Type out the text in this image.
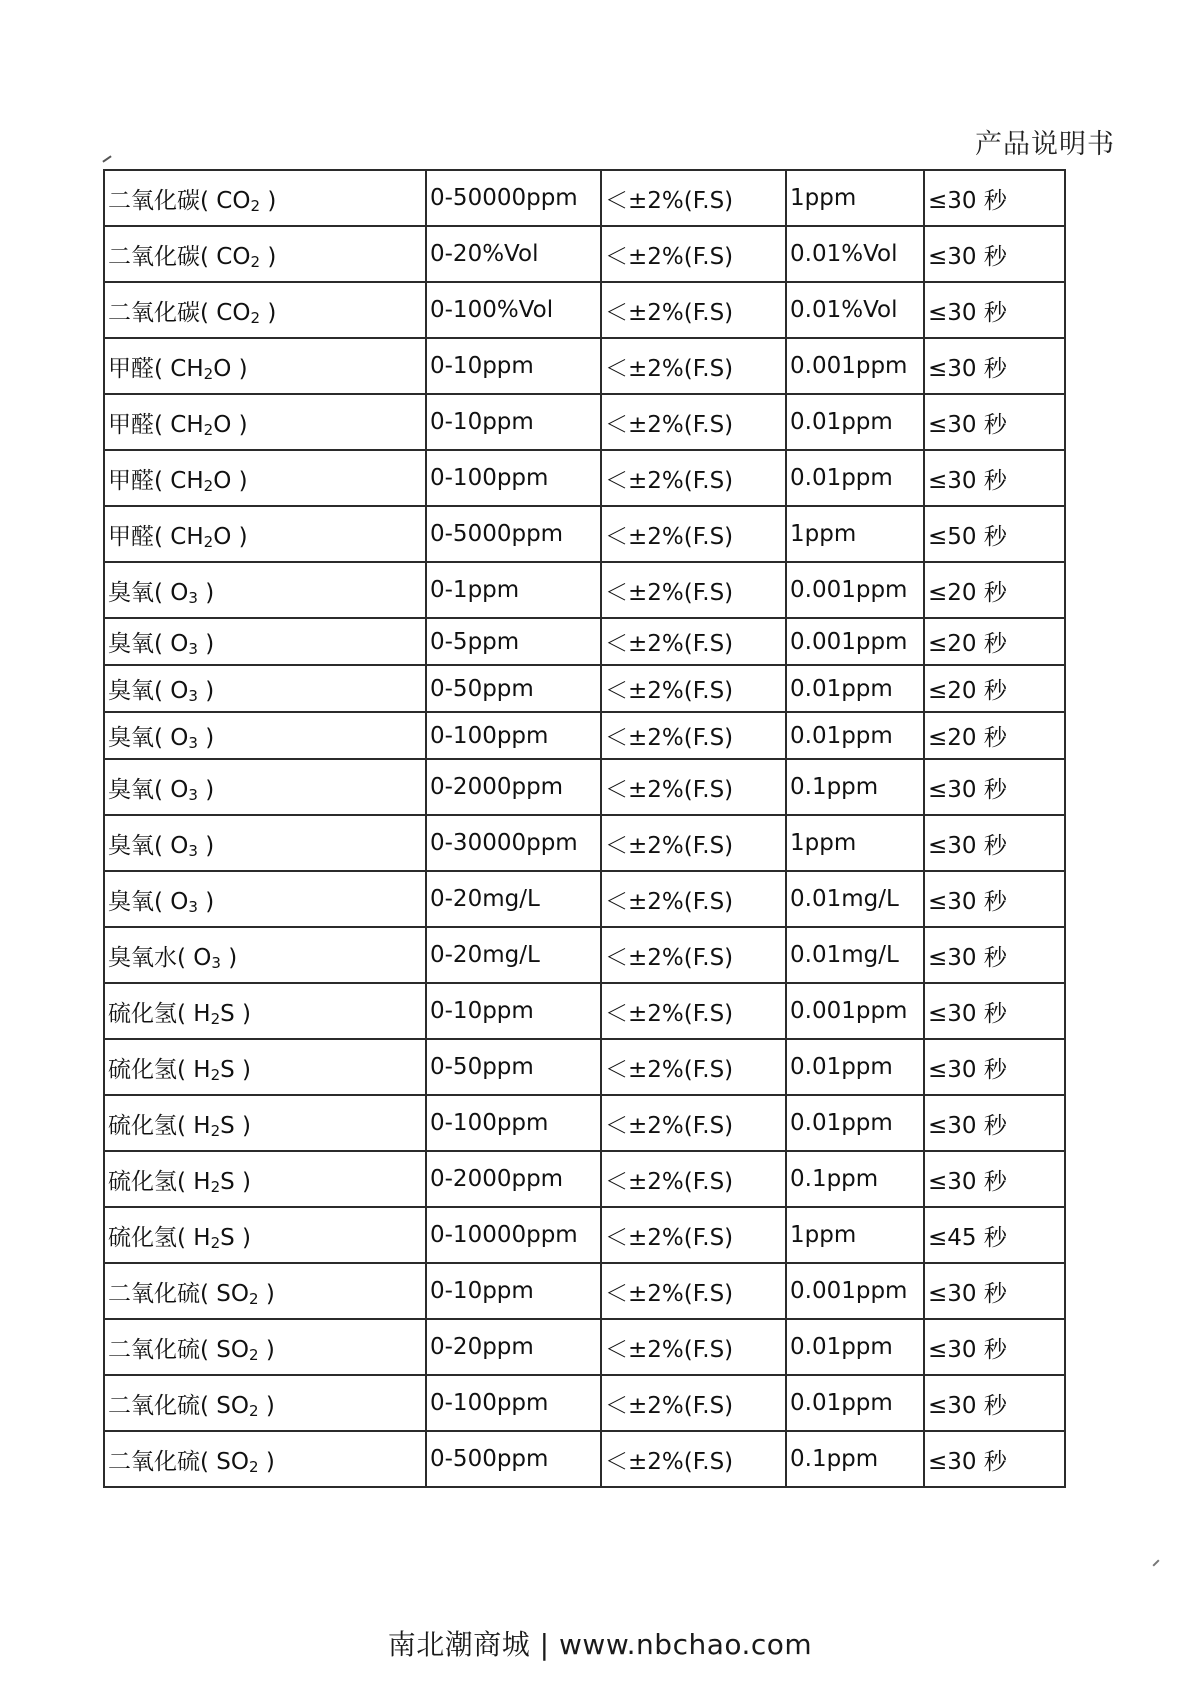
产品说明书
二氧化碳( $CO_2$ )	0-50000ppm	＜±2%(F.S)	1ppm	≤30 秒
二氧化碳( $CO_2$ )	0-20%Vol	＜±2%(F.S)	0.01%Vol	≤30 秒
二氧化碳( $CO_2$ )	0-100%Vol	＜±2%(F.S)	0.01%Vol	≤30 秒
甲醛( $CH_2O$ )	0-10ppm	＜±2%(F.S)	0.001ppm	≤30 秒
甲醛( $CH_2O$ )	0-10ppm	＜±2%(F.S)	0.01ppm	≤30 秒
甲醛( $CH_2O$ )	0-100ppm	＜±2%(F.S)	0.01ppm	≤30 秒
甲醛( $CH_2O$ )	0-5000ppm	＜±2%(F.S)	1ppm	≤50 秒
臭氧( $O_3$ )	0-1ppm	＜±2%(F.S)	0.001ppm	≤20 秒
臭氧( $O_3$ )	0-5ppm	＜±2%(F.S)	0.001ppm	≤20 秒
臭氧( $O_3$ )	0-50ppm	＜±2%(F.S)	0.01ppm	≤20 秒
臭氧( $O_3$ )	0-100ppm	＜±2%(F.S)	0.01ppm	≤20 秒
臭氧( $O_3$ )	0-2000ppm	＜±2%(F.S)	0.1ppm	≤30 秒
臭氧( $O_3$ )	0-30000ppm	＜±2%(F.S)	1ppm	≤30 秒
臭氧( $O_3$ )	0-20mg/L	＜±2%(F.S)	0.01mg/L	≤30 秒
臭氧水( $O_3$ )	0-20mg/L	＜±2%(F.S)	0.01mg/L	≤30 秒
硫化氢( $H_2S$ )	0-10ppm	＜±2%(F.S)	0.001ppm	≤30 秒
硫化氢( $H_2S$ )	0-50ppm	＜±2%(F.S)	0.01ppm	≤30 秒
硫化氢( $H_2S$ )	0-100ppm	＜±2%(F.S)	0.01ppm	≤30 秒
硫化氢( $H_2S$ )	0-2000ppm	＜±2%(F.S)	0.1ppm	≤30 秒
硫化氢( $H_2S$ )	0-10000ppm	＜±2%(F.S)	1ppm	≤45 秒
二氧化硫( $SO_2$ )	0-10ppm	＜±2%(F.S)	0.001ppm	≤30 秒
二氧化硫( $SO_2$ )	0-20ppm	＜±2%(F.S)	0.01ppm	≤30 秒
二氧化硫( $SO_2$ )	0-100ppm	＜±2%(F.S)	0.01ppm	≤30 秒
二氧化硫( $SO_2$ )	0-500ppm	＜±2%(F.S)	0.1ppm	≤30 秒
南北潮商城 | www.nbchao.com
